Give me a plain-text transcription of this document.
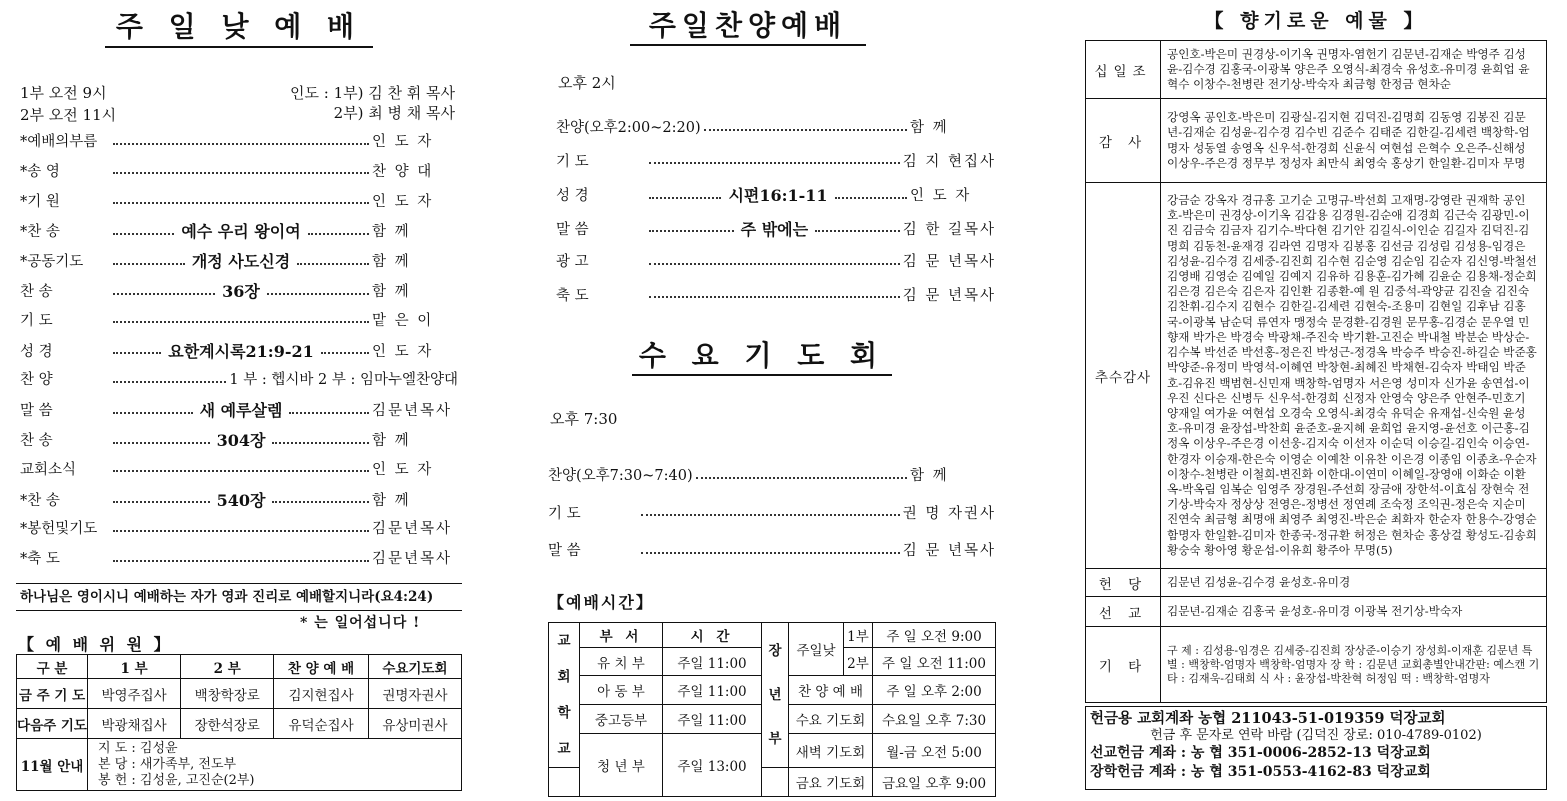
주 일 낮 예 배
1부 오전 9시
2부 오전 11시
인도 : 1부) 김 찬 휘 목사
2부) 최 병 채 목사
*예배의부름	인 도 자
*송 영	찬 양 대
*기 원	인 도 자
*찬 송	예수 우리 왕이여	함 께
*공동기도	개정 사도신경	함 께
찬 송	36장	함 께
기 도	맡 은 이
성 경	요한계시록21:9-21	인 도 자
찬 양	1 부 : 헵시바 2 부 : 임마누엘찬양대
말 씀	새 예루살렘	김문년목사
찬 송	304장	함 께
교회소식	인 도 자
*찬 송	540장	함 께
*봉헌및기도	김문년목사
*축 도	김문년목사
하나님은 영이시니 예배하는 자가 영과 진리로 예배할지니라(요4:24)
* 는 일어섭니다 !
【 예 배 위 원 】
구 분	1 부	2 부	찬 양 예 배	수요기도회
금 주 기 도	박영주집사	백창학장로	김지현집사	권명자권사
다음주 기도	박광채집사	장한석장로	유덕순집사	유상미권사
11월 안내	지 도 : 김성윤
본 당 : 새가족부, 전도부
봉 헌 : 김성윤, 고진순(2부)			
주일찬양예배
오후 2시
찬양(오후2:00~2:20)	함 께
기 도	김 지 현집사
성 경	시편16:1-11	인 도 자
말 씀	주 밖에는	김 한 길목사
광 고	김 문 년목사
축 도	김 문 년목사
수 요 기 도 회
오후 7:30
찬양(오후7:30~7:40)	함 께
기 도	권 명 자권사
말 씀	김 문 년목사
【예배시간】
교 회 학 교	부 서	시 간	장 년 부	주일낮	1부	주 일 오전 9:00
	유 치 부	주일 11:00			2부	주 일 오전 11:00
	아 동 부	주일 11:00		찬 양 예 배		주 일 오후 2:00
	중고등부	주일 11:00		수요 기도회		수요일 오후 7:30
	청 년 부	주일 13:00		새벽 기도회		월-금 오전 5:00
				금요 기도회		금요일 오후 9:00
【 향기로운 예물 】
십일조	공인호-박은미 권경상-이기옥 권명자-염헌기 김문년-김재순 박영주 김성윤-김수경 김홍국-이광복 양은주 오영식-최경숙 유성호-유미경 윤희업 윤혁수 이창수-천병란 전기상-박숙자 최금형 한정금 현차순
감 사	강영옥 공인호-박은미 김광실-김지현 김덕진-김명희 김동영 김봉진 김문년-김재순 김성윤-김수경 김수빈 김준수 김태준 김한길-김세련 백창학-엄명자 성동열 송영옥 신우석-한경희 신윤식 여현섭 은혁수 오은주-신해성 이상우-주은경 정무부 정성자 최만식 최영숙 홍상기 한일환-김미자 무명
추수감사	강금순 강옥자 경규홍 고기순 고명규-박선희 고재명-강영란 권재학 공인호-박은미 권경상-이기옥 김갑용 김경원-김순애 김경희 김근숙 김광민-이 진 김금숙 김금자 김기수-박다현 김기안 김길식-이인순 김길자 김덕진-김명희 김동천-윤재경 김라연 김명자 김봉홍 김선금 김성림 김성용-임경은 김성윤-김수경 김세중-김진희 김수현 김순영 김순임 김순자 김신영-박철선 김영배 김영순 김예일 김예지 김유하 김용훈-김가혜 김윤순 김용채-정순희 김은경 김은숙 김은자 김인환 김종환-예 원 김중석-곽양균 김진술 김진숙 김찬휘-김수지 김현수 김한길-김세련 김현숙-조용미 김현일 김후남 김홍국-이광복 남순덕 류연자 맹정숙 문경환-김경원 문무홍-김경순 문우열 민향재 박가은 박경숙 박광채-주진숙 박기환-고진순 박내철 박분순 박상순-김수복 박선준 박선홍-정은진 박성근-정경옥 박승주 박승진-하길순 박준홍 박양준-유정미 박영석-이혜연 박창현-최혜진 박채현-김숙자 박태임 박준호-김유진 백범현-신민재 백창학-엄명자 서은영 성미자 신가윤 송연섭-이우진 신다은 신병두 신우석-한경희 신정자 안영숙 양은주 안현주-민호기 양재일 여가윤 여현섭 오경숙 오영식-최경숙 유덕순 유재섭-신숙원 윤성호-유미경 윤장섭-박찬희 윤준호-윤지혜 윤희업 윤지영-윤선호 이근홍-김정옥 이상우-주은경 이선웅-김지숙 이선자 이순덕 이승길-김인숙 이승연-한경자 이승재-한은숙 이영순 이예찬 이유찬 이은경 이종임 이종초-우순자 이창수-천병란 이철희-변진화 이한대-이연미 이혜일-장영애 이화순 이환옥-박옥림 임복순 임영주 장경원-주선희 장금애 장한석-이효심 장현숙 전기상-박숙자 정상상 전영은-정병선 정연례 조숙정 조익권-정은숙 지순미 진연숙 최금형 최명애 최영주 최영진-박은순 최화자 한순자 한용수-강영순 함명자 한일환-김미자 한종국-정규환 허정은 현차순 홍상걸 황성도-김송희 황숭숙 황아영 황운섭-이유희 황주아 무명(5)
헌 당	김문년 김성윤-김수경 윤성호-유미경
선 교	김문년-김재순 김홍국 윤성호-유미경 이광복 전기상-박숙자
기 타	구 제 : 김성용-임경은 김세중-김진희 장상준-이승기 장성희-이재훈 김문년 특 별 : 백창학-엄명자 백창학-엄명자 장 학 : 김문년 교회총별안내간판: 예스캔 기 타 : 김재욱-김태희 식 사 : 윤장섭-박찬혁 허정임 떡 : 백창학-엄명자
헌금용 교회계좌 농협 211043-51-019359 덕장교회
헌금 후 문자로 연락 바람 (김덕진 장로: 010-4789-0102)
선교헌금 계좌 : 농 협 351-0006-2852-13 덕장교회
장학헌금 계좌 : 농 협 351-0553-4162-83 덕장교회
